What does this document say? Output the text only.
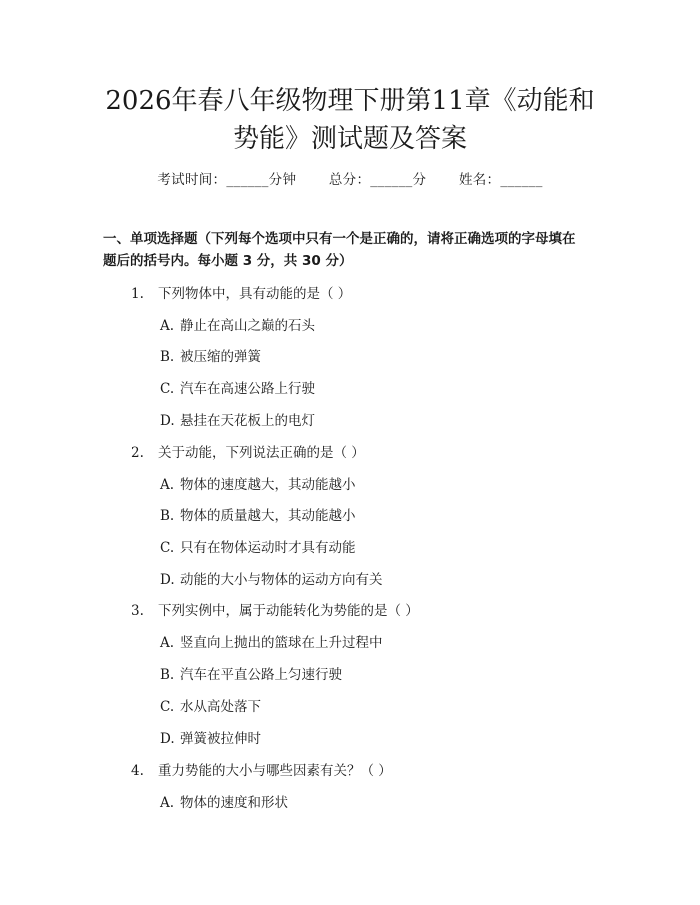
2026年春八年级物理下册第11章《动能和
势能》测试题及答案
考试时间：______分钟 总分：______分 姓名：______
一、单项选择题（下列每个选项中只有一个是正确的，请将正确选项的字母填在
题后的括号内。每小题 3 分，共 30 分）
1. 下列物体中，具有动能的是（ ）
A. 静止在高山之巅的石头
B. 被压缩的弹簧
C. 汽车在高速公路上行驶
D. 悬挂在天花板上的电灯
2. 关于动能，下列说法正确的是（ ）
A. 物体的速度越大，其动能越小
B. 物体的质量越大，其动能越小
C. 只有在物体运动时才具有动能
D. 动能的大小与物体的运动方向有关
3. 下列实例中，属于动能转化为势能的是（ ）
A. 竖直向上抛出的篮球在上升过程中
B. 汽车在平直公路上匀速行驶
C. 水从高处落下
D. 弹簧被拉伸时
4. 重力势能的大小与哪些因素有关？（ ）
A. 物体的速度和形状
